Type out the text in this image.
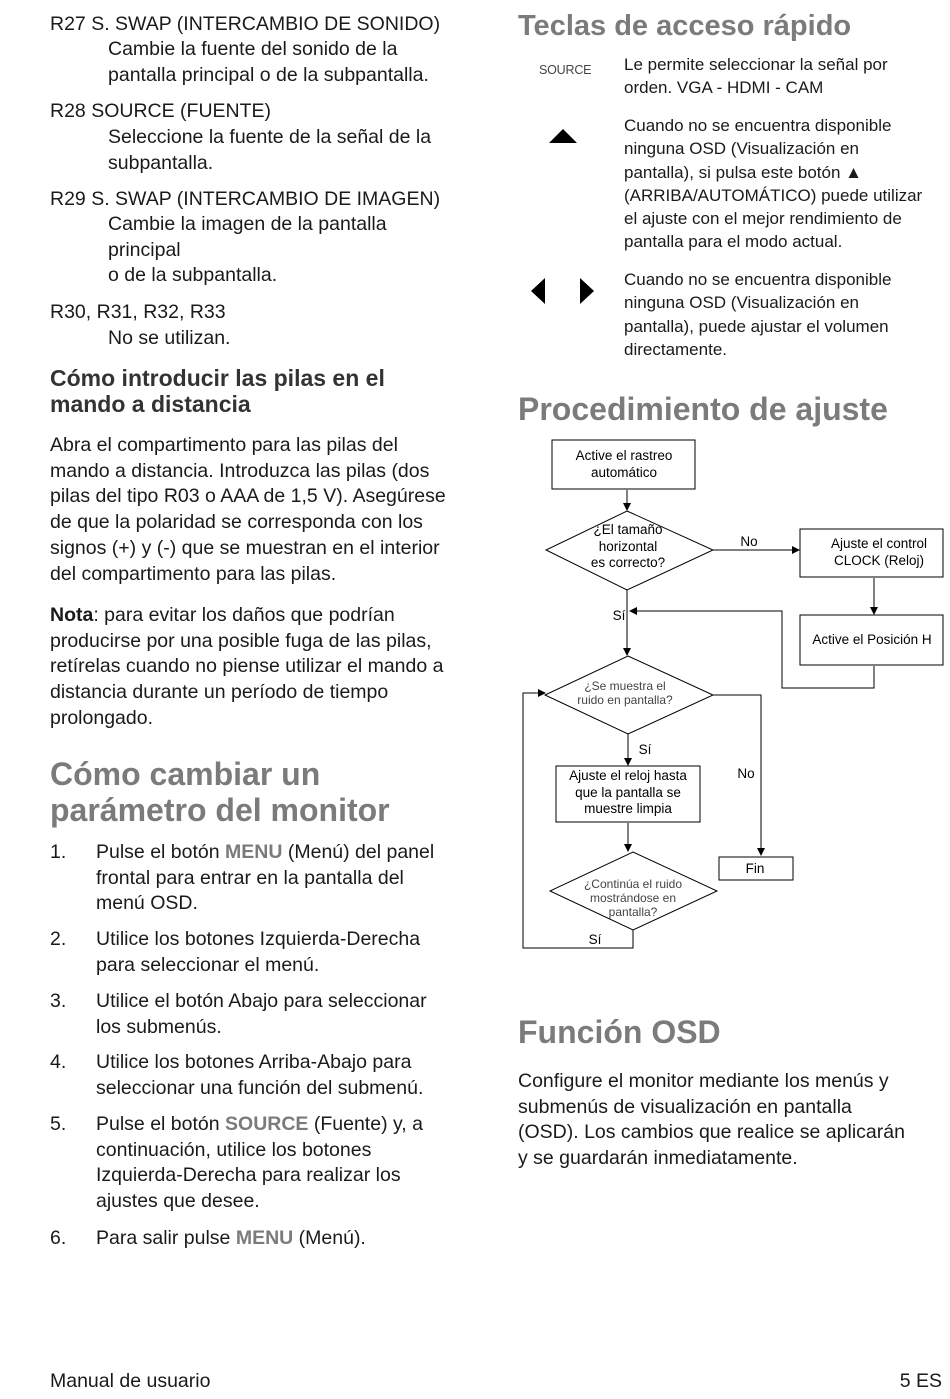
R27 S. SWAP (INTERCAMBIO DE SONIDO)
Cambie la fuente del sonido de la
pantalla principal o de la subpantalla.
R28 SOURCE (FUENTE)
Seleccione la fuente de la señal de la
subpantalla.
R29 S. SWAP (INTERCAMBIO DE IMAGEN)
Cambie la imagen de la pantalla
principal
o de la subpantalla.
R30, R31, R32, R33
No se utilizan.
Cómo introducir las pilas en el
mando a distancia
Abra el compartimento para las pilas del
mando a distancia. Introduzca las pilas (dos
pilas del tipo R03 o AAA de 1,5 V). Asegúrese
de que la polaridad se corresponda con los
signos (+) y (-) que se muestran en el interior
del compartimento para las pilas.
Nota: para evitar los daños que podrían
producirse por una posible fuga de las pilas,
retírelas cuando no piense utilizar el mando a
distancia durante un período de tiempo
prolongado.
Cómo cambiar un
parámetro del monitor
1. Pulse el botón MENU (Menú) del panel
frontal para entrar en la pantalla del
menú OSD.
2. Utilice los botones Izquierda-Derecha
para seleccionar el menú.
3. Utilice el botón Abajo para seleccionar
los submenús.
4. Utilice los botones Arriba-Abajo para
seleccionar una función del submenú.
5. Pulse el botón SOURCE (Fuente) y, a
continuación, utilice los botones
Izquierda-Derecha para realizar los
ajustes que desee.
6. Para salir pulse MENU (Menú).
Teclas de acceso rápido
SOURCE Le permite seleccionar la señal por
orden. VGA - HDMI - CAM
Cuando no se encuentra disponible
ninguna OSD (Visualización en
pantalla), si pulsa este botón ▲
(ARRIBA/AUTOMÁTICO) puede utilizar
el ajuste con el mejor rendimiento de
pantalla para el modo actual.
Cuando no se encuentra disponible
ninguna OSD (Visualización en
pantalla), puede ajustar el volumen
directamente.
Procedimiento de ajuste
Active el rastreo
automático
¿El tamaño
horizontal
es correcto?
No	Ajuste el control
CLOCK (Reloj)
Active el Posición H
Sí
Sí
No
Ajuste el reloj hasta
que la pantalla se
muestre limpia
Fin
Sí
¿Se muestra el
ruido en pantalla?
¿Continúa el ruido
mostrándose en
pantalla?
Función OSD
Configure el monitor mediante los menús y
submenús de visualización en pantalla
(OSD). Los cambios que realice se aplicarán
y se guardarán inmediatamente.
Manual de usuario	5 ES
